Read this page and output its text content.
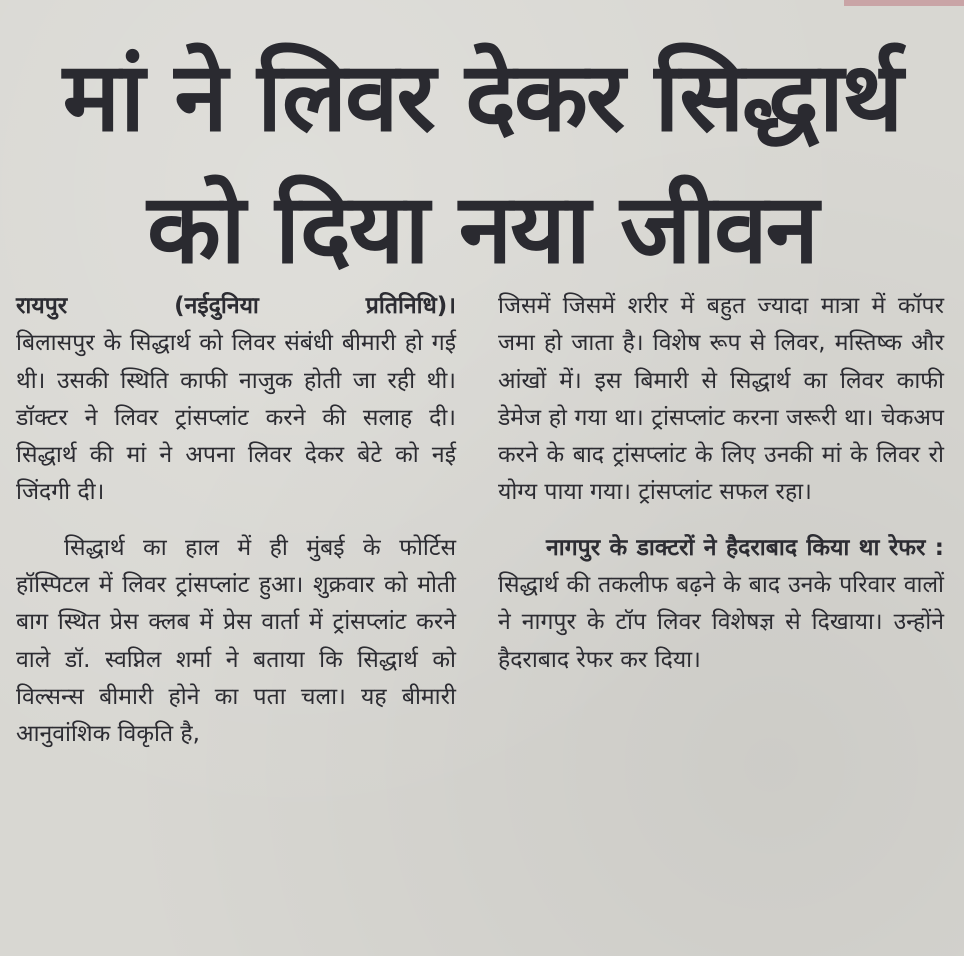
मां ने लिवर देकर सिद्धार्थ
को दिया नया जीवन

रायपुर (नईदुनिया प्रतिनिधि)।

बिलासपुर के सिद्धार्थ को लिवर संबंधी बीमारी हो गई थी। उसकी स्थिति काफी नाजुक होती जा रही थी। डॉक्टर ने लिवर ट्रांसप्लांट करने की सलाह दी। सिद्धार्थ की मां ने अपना लिवर देकर बेटे को नई जिंदगी दी।

सिद्धार्थ का हाल में ही मुंबई के फोर्टिस हॉस्पिटल में लिवर ट्रांसप्लांट हुआ। शुक्रवार को मोती बाग स्थित प्रेस क्लब में प्रेस वार्ता में ट्रांसप्लांट करने वाले डॉ. स्वप्निल शर्मा ने बताया कि सिद्धार्थ को विल्सन्स बीमारी होने का पता चला। यह बीमारी आनुवांशिक विकृति है,

जिसमें जिसमें शरीर में बहुत ज्यादा मात्रा में कॉपर जमा हो जाता है। विशेष रूप से लिवर, मस्तिष्क और आंखों में। इस बिमारी से सिद्धार्थ का लिवर काफी डेमेज हो गया था। ट्रांसप्लांट करना जरूरी था। चेकअप करने के बाद ट्रांसप्लांट के लिए उनकी मां के लिवर रो योग्य पाया गया। ट्रांसप्लांट सफल रहा।

नागपुर के डाक्टरों ने हैदराबाद किया था रेफर : सिद्धार्थ की तकलीफ बढ़ने के बाद उनके परिवार वालों ने नागपुर के टॉप लिवर विशेषज्ञ से दिखाया। उन्होंने हैदराबाद रेफर कर दिया।
